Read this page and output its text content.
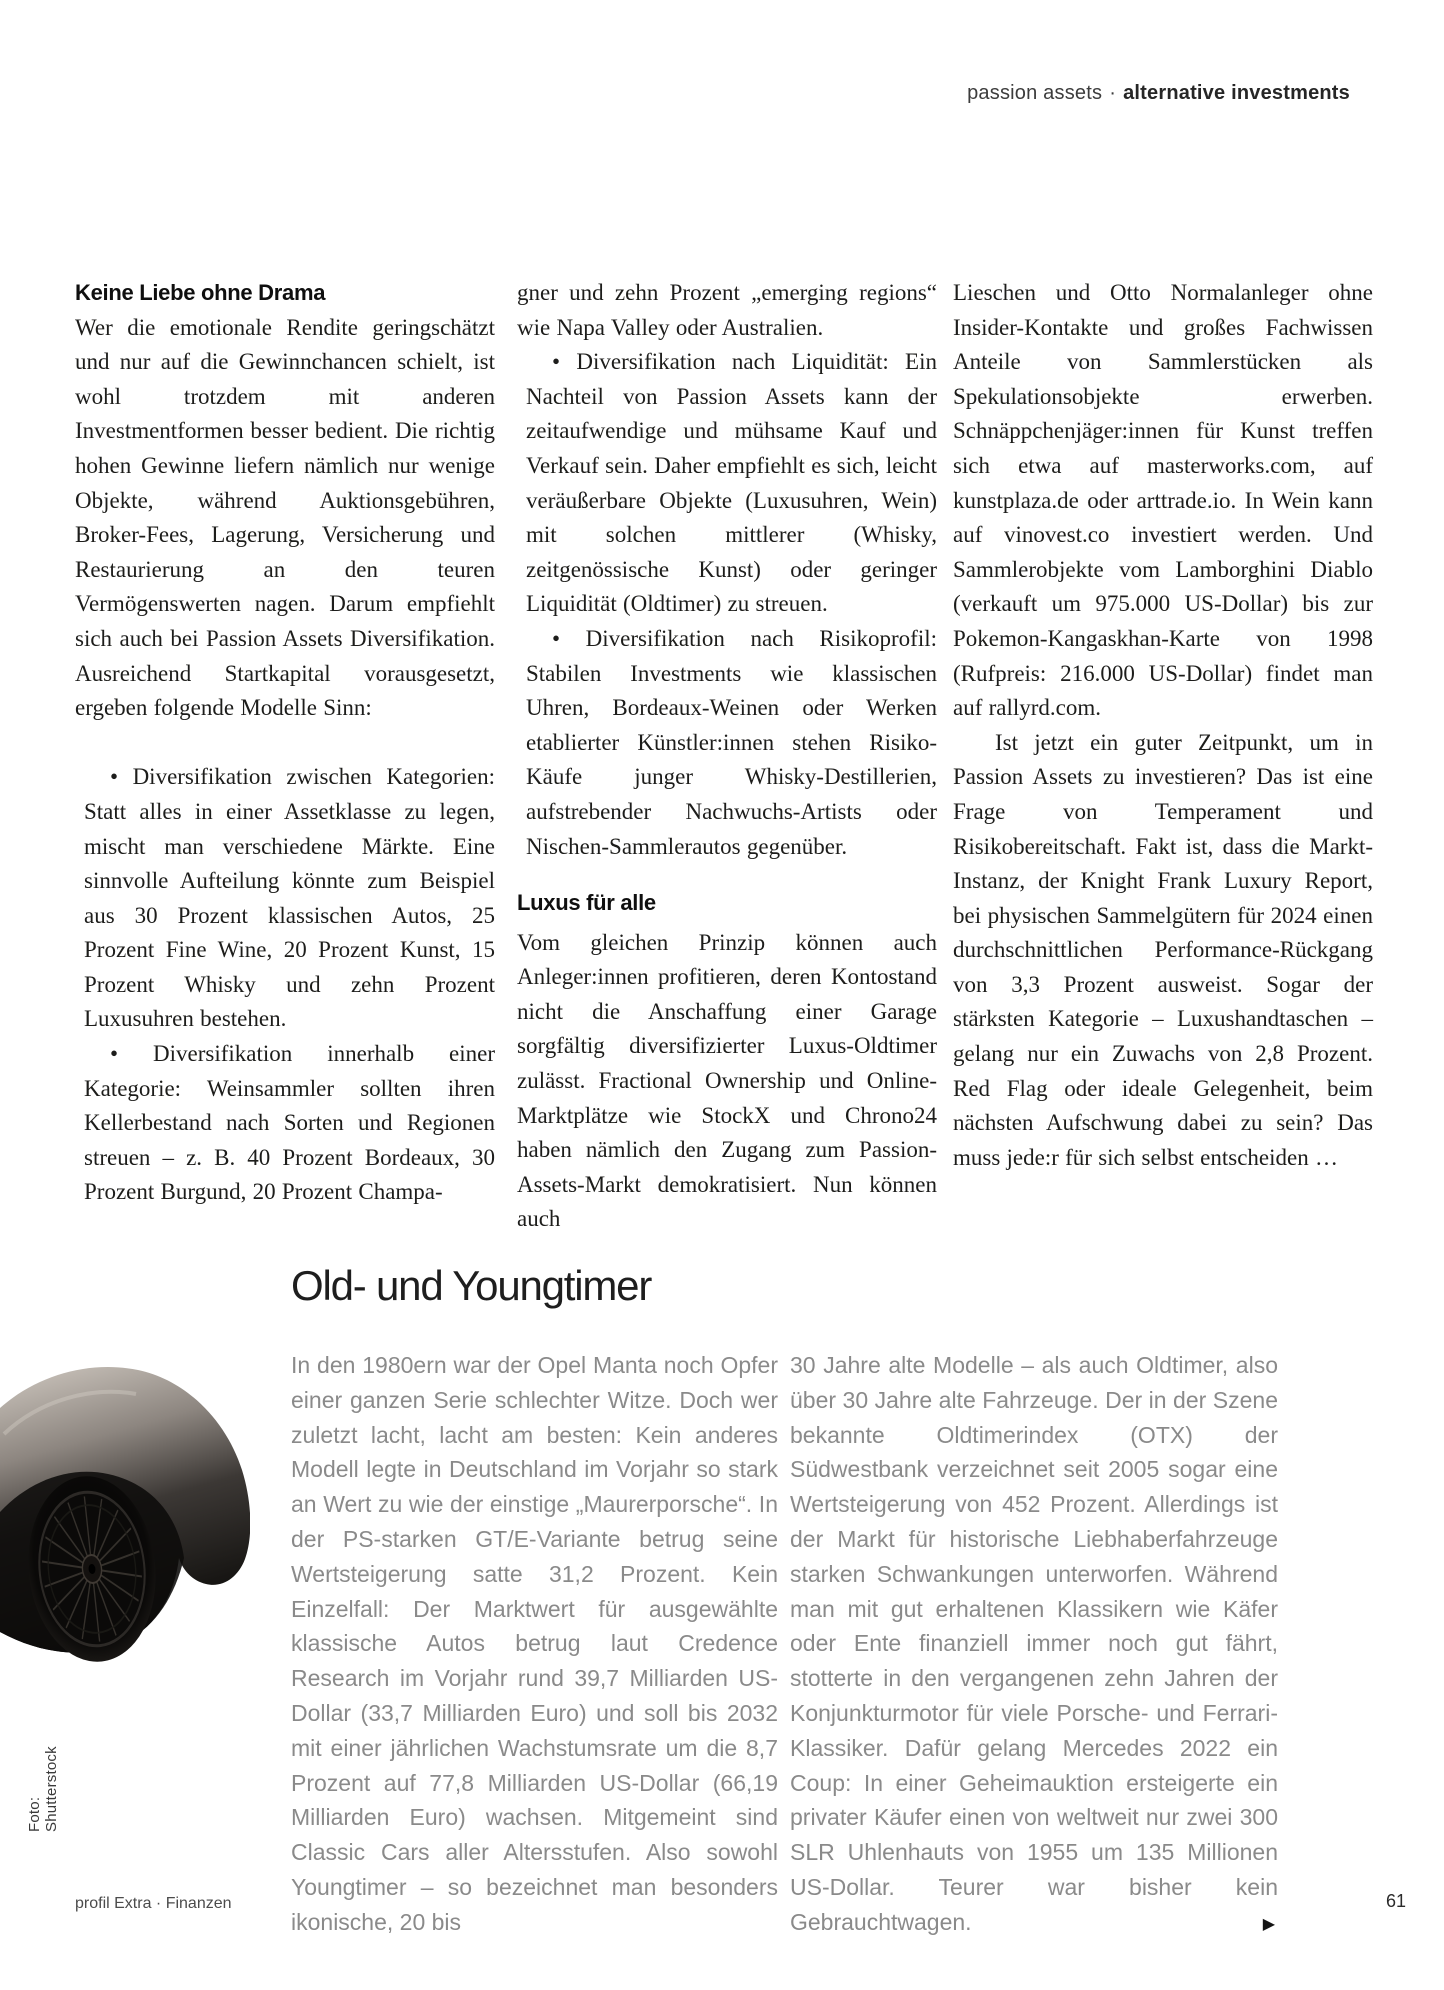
passion assets · alternative investments
Keine Liebe ohne Drama

Wer die emotionale Rendite geringschätzt und nur auf die Gewinnchancen schielt, ist wohl trotzdem mit anderen Investmentformen besser bedient. Die richtig hohen Gewinne liefern nämlich nur wenige Objekte, während Auktionsgebühren, Broker-Fees, Lagerung, Versicherung und Restaurierung an den teuren Vermögenswerten nagen. Darum empfiehlt sich auch bei Passion Assets Diversifikation. Ausreichend Startkapital vorausgesetzt, ergeben folgende Modelle Sinn:

• Diversifikation zwischen Kategorien: Statt alles in einer Assetklasse zu legen, mischt man verschiedene Märkte. Eine sinnvolle Aufteilung könnte zum Beispiel aus 30 Prozent klassischen Autos, 25 Prozent Fine Wine, 20 Prozent Kunst, 15 Prozent Whisky und zehn Prozent Luxusuhren bestehen.

• Diversifikation innerhalb einer Kategorie: Weinsammler sollten ihren Kellerbestand nach Sorten und Regionen streuen – z. B. 40 Prozent Bordeaux, 30 Prozent Burgund, 20 Prozent Champa-

gner und zehn Prozent „emerging regions“ wie Napa Valley oder Australien.

• Diversifikation nach Liquidität: Ein Nachteil von Passion Assets kann der zeitaufwendige und mühsame Kauf und Verkauf sein. Daher empfiehlt es sich, leicht veräußerbare Objekte (Luxusuhren, Wein) mit solchen mittlerer (Whisky, zeitgenössische Kunst) oder geringer Liquidität (Oldtimer) zu streuen.

• Diversifikation nach Risikoprofil: Stabilen Investments wie klassischen Uhren, Bordeaux-Weinen oder Werken etablierter Künstler:innen stehen Risiko-Käufe junger Whisky-Destillerien, aufstrebender Nachwuchs-Artists oder Nischen-Sammlerautos gegenüber.

Luxus für alle

Vom gleichen Prinzip können auch Anleger:innen profitieren, deren Kontostand nicht die Anschaffung einer Garage sorgfältig diversifizierter Luxus-Oldtimer zulässt. Fractional Ownership und Online-Marktplätze wie StockX und Chrono24 haben nämlich den Zugang zum Passion-Assets-Markt demokratisiert. Nun können auch

Lieschen und Otto Normalanleger ohne Insider-Kontakte und großes Fachwissen Anteile von Sammlerstücken als Spekulationsobjekte erwerben. Schnäppchenjäger:innen für Kunst treffen sich etwa auf masterworks.com, auf kunstplaza.de oder arttrade.io. In Wein kann auf vinovest.co investiert werden. Und Sammlerobjekte vom Lamborghini Diablo (verkauft um 975.000 US-Dollar) bis zur Pokemon-Kangaskhan-Karte von 1998 (Rufpreis: 216.000 US-Dollar) findet man auf rallyrd.com.

Ist jetzt ein guter Zeitpunkt, um in Passion Assets zu investieren? Das ist eine Frage von Temperament und Risikobereitschaft. Fakt ist, dass die Markt-Instanz, der Knight Frank Luxury Report, bei physischen Sammelgütern für 2024 einen durchschnittlichen Performance-Rückgang von 3,3 Prozent ausweist. Sogar der stärksten Kategorie – Luxushandtaschen – gelang nur ein Zuwachs von 2,8 Prozent. Red Flag oder ideale Gelegenheit, beim nächsten Aufschwung dabei zu sein? Das muss jede:r für sich selbst entscheiden …

Old- und Youngtimer
In den 1980ern war der Opel Manta noch Opfer einer ganzen Serie schlechter Witze. Doch wer zuletzt lacht, lacht am besten: Kein anderes Modell legte in Deutschland im Vorjahr so stark an Wert zu wie der einstige „Maurerporsche“. In der PS-starken GT/E-Variante betrug seine Wertsteigerung satte 31,2 Prozent. Kein Einzelfall: Der Marktwert für ausgewählte klassische Autos betrug laut Credence Research im Vorjahr rund 39,7 Milliarden US-Dollar (33,7 Milliarden Euro) und soll bis 2032 mit einer jährlichen Wachstumsrate um die 8,7 Prozent auf 77,8 Milliarden US-Dollar (66,19 Milliarden Euro) wachsen. Mitgemeint sind Classic Cars aller Altersstufen. Also sowohl Youngtimer – so bezeichnet man besonders ikonische, 20 bis
30 Jahre alte Modelle – als auch Oldtimer, also über 30 Jahre alte Fahrzeuge. Der in der Szene bekannte Oldtimerindex (OTX) der Südwestbank verzeichnet seit 2005 sogar eine Wertsteigerung von 452 Prozent. Allerdings ist der Markt für historische Liebhaberfahrzeuge starken Schwankungen unterworfen. Während man mit gut erhaltenen Klassikern wie Käfer oder Ente finanziell immer noch gut fährt, stotterte in den vergangenen zehn Jahren der Konjunkturmotor für viele Porsche- und Ferrari-Klassiker. Dafür gelang Mercedes 2022 ein Coup: In einer Geheimauktion ersteigerte ein privater Käufer einen von weltweit nur zwei 300 SLR Uhlenhauts von 1955 um 135 Millionen US-Dollar. Teurer war bisher kein Gebrauchtwagen.	▶
Foto: Shutterstock
profil Extra · Finanzen	61
